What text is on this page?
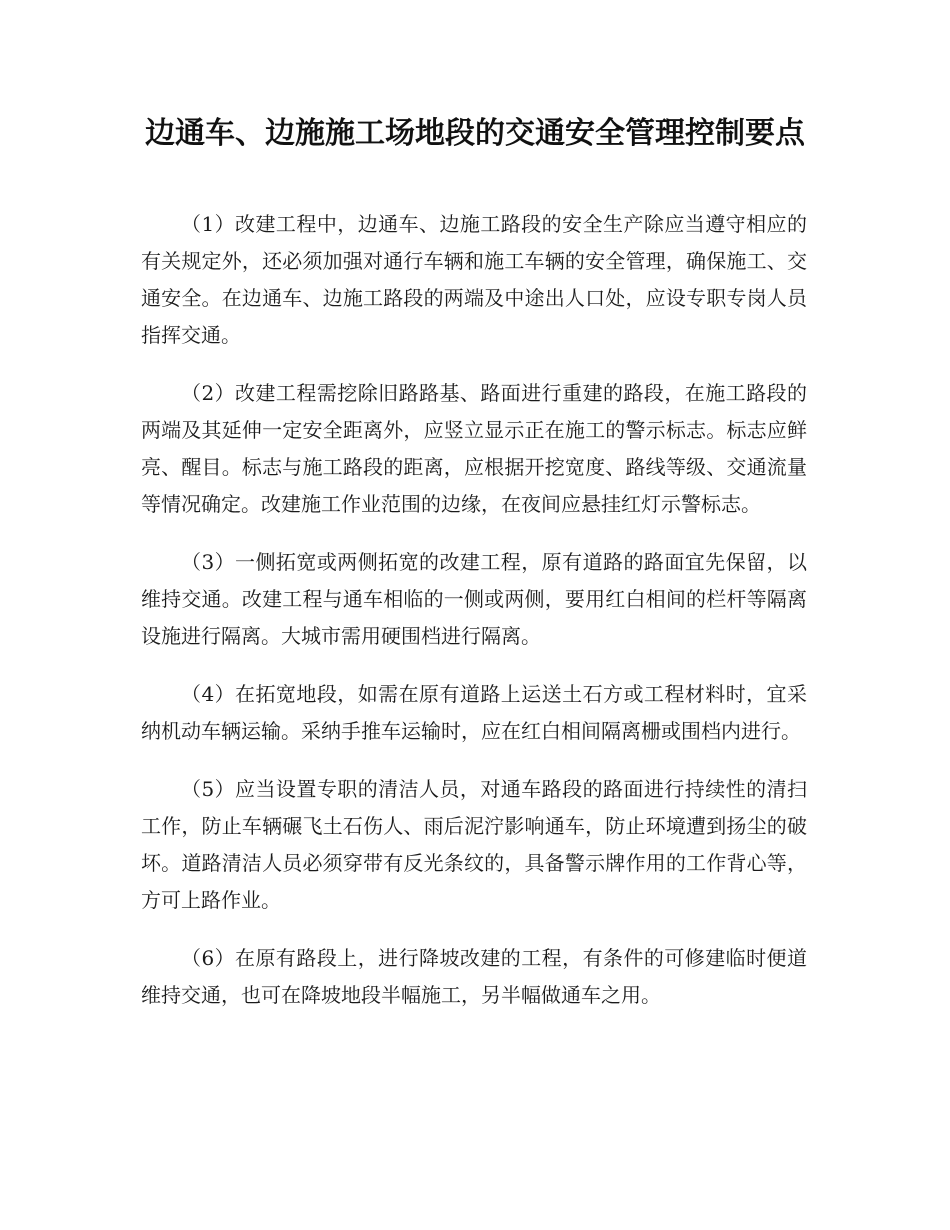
边通车、边施施工场地段的交通安全管理控制要点

（1）改建工程中，边通车、边施工路段的安全生产除应当遵守相应的有关规定外，还必须加强对通行车辆和施工车辆的安全管理，确保施工、交通安全。在边通车、边施工路段的两端及中途出人口处，应设专职专岗人员指挥交通。

（2）改建工程需挖除旧路路基、路面进行重建的路段，在施工路段的两端及其延伸一定安全距离外，应竖立显示正在施工的警示标志。标志应鲜亮、醒目。标志与施工路段的距离，应根据开挖宽度、路线等级、交通流量等情况确定。改建施工作业范围的边缘，在夜间应悬挂红灯示警标志。

（3）一侧拓宽或两侧拓宽的改建工程，原有道路的路面宜先保留，以维持交通。改建工程与通车相临的一侧或两侧，要用红白相间的栏杆等隔离设施进行隔离。大城市需用硬围档进行隔离。

（4）在拓宽地段，如需在原有道路上运送土石方或工程材料时，宜采纳机动车辆运输。采纳手推车运输时，应在红白相间隔离栅或围档内进行。

（5）应当设置专职的清洁人员，对通车路段的路面进行持续性的清扫工作，防止车辆碾飞土石伤人、雨后泥泞影响通车，防止环境遭到扬尘的破坏。道路清洁人员必须穿带有反光条纹的，具备警示牌作用的工作背心等，方可上路作业。

（6）在原有路段上，进行降坡改建的工程，有条件的可修建临时便道维持交通，也可在降坡地段半幅施工，另半幅做通车之用。
